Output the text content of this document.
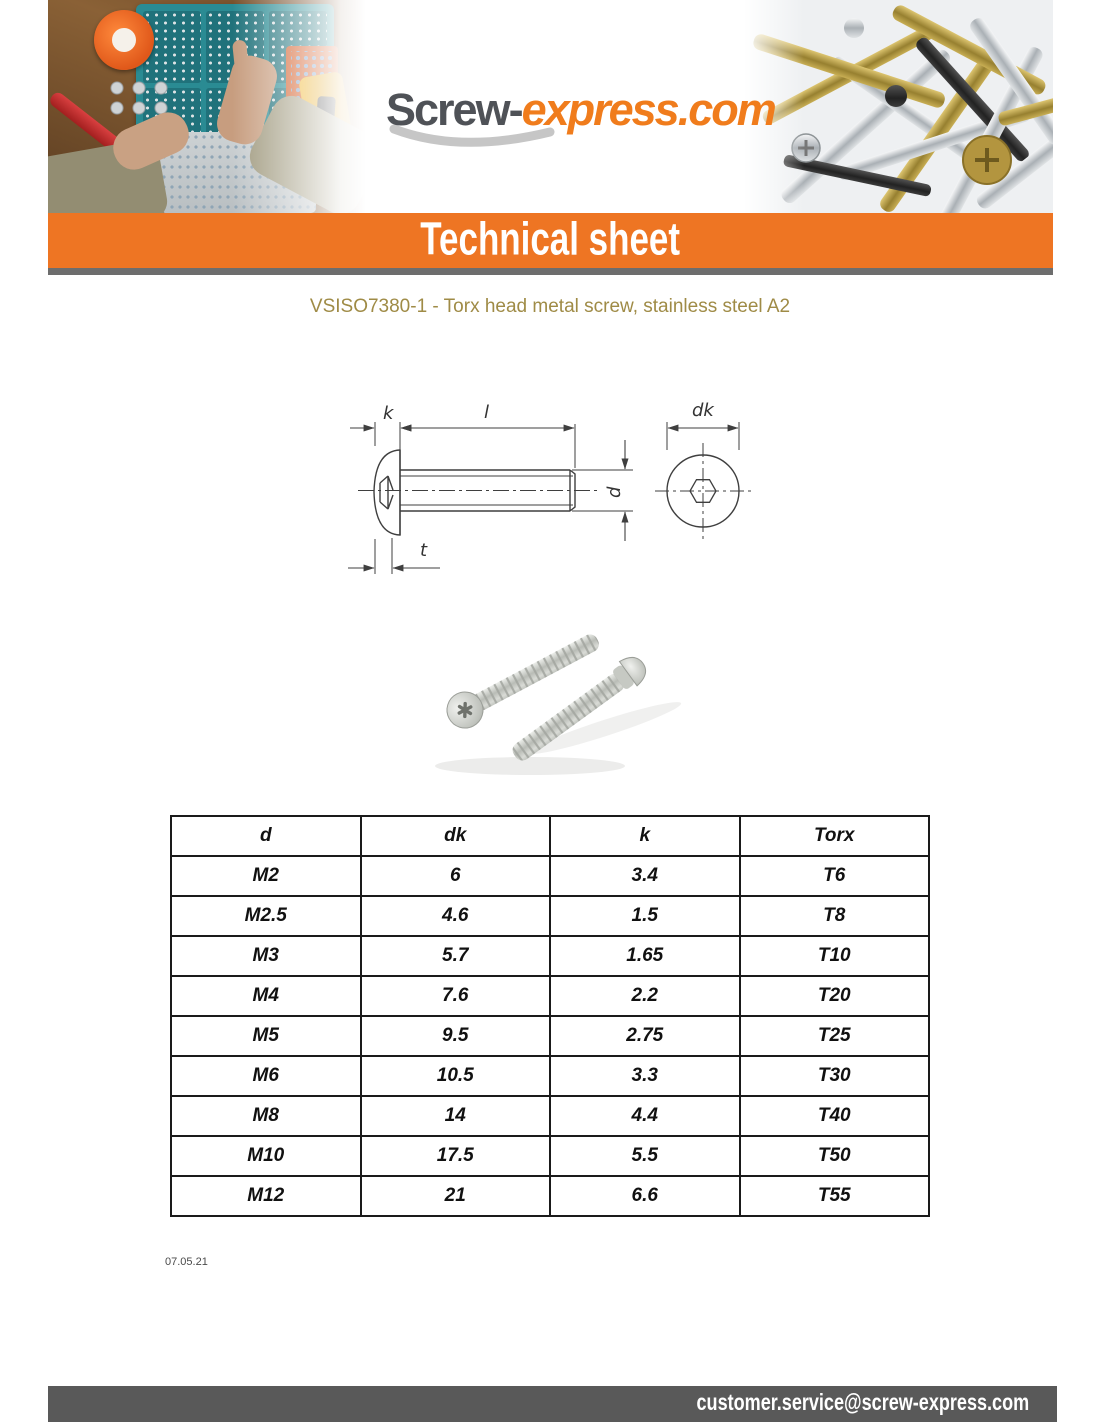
Screw-express.com
Technical sheet
VSISO7380-1 - Torx head metal screw, stainless steel A2
k	l
d
t
dk
d	dk	k	Torx
M2	6	3.4	T6
M2.5	4.6	1.5	T8
M3	5.7	1.65	T10
M4	7.6	2.2	T20
M5	9.5	2.75	T25
M6	10.5	3.3	T30
M8	14	4.4	T40
M10	17.5	5.5	T50
M12	21	6.6	T55
07.05.21
customer.service@screw-express.com
